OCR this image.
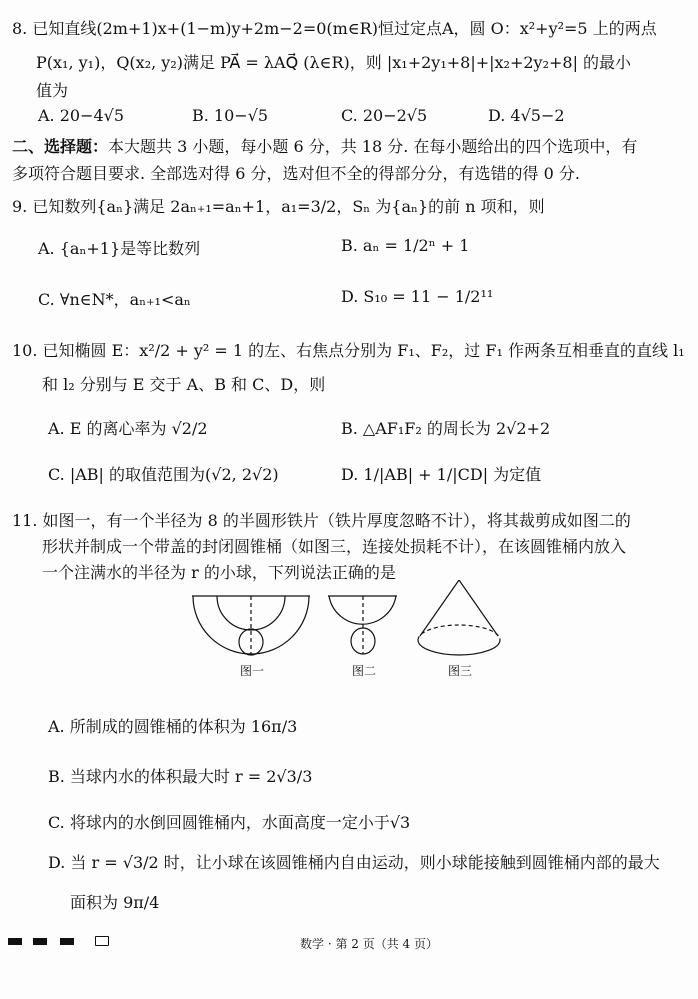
8. 已知直线(2m+1)x+(1−m)y+2m−2=0(m∈R)恒过定点A，圆 O：x²+y²=5 上的两点
P(x₁, y₁)，Q(x₂, y₂)满足 PA⃗ = λAQ⃗ (λ∈R)，则 |x₁+2y₁+8|+|x₂+2y₂+8| 的最小
值为
A. 20−4√5	B. 10−√5	C. 20−2√5	D. 4√5−2
二、选择题：本大题共 3 小题，每小题 6 分，共 18 分. 在每小题给出的四个选项中，有
多项符合题目要求. 全部选对得 6 分，选对但不全的得部分分，有选错的得 0 分.
9. 已知数列{aₙ}满足 2aₙ₊₁=aₙ+1，a₁=3/2，Sₙ 为{aₙ}的前 n 项和，则
A. {aₙ+1}是等比数列	B. aₙ = 1/2ⁿ + 1
C. ∀n∈N*，aₙ₊₁<aₙ	D. S₁₀ = 11 − 1/2¹¹
10. 已知椭圆 E：x²/2 + y² = 1 的左、右焦点分别为 F₁、F₂，过 F₁ 作两条互相垂直的直线 l₁
和 l₂ 分别与 E 交于 A、B 和 C、D，则
A. E 的离心率为 √2/2	B. △AF₁F₂ 的周长为 2√2+2
C. |AB| 的取值范围为(√2, 2√2)	D. 1/|AB| + 1/|CD| 为定值
11. 如图一，有一个半径为 8 的半圆形铁片（铁片厚度忽略不计），将其裁剪成如图二的
形状并制成一个带盖的封闭圆锥桶（如图三，连接处损耗不计），在该圆锥桶内放入
一个注满水的半径为 r 的小球，下列说法正确的是
图一	图二	图三
A. 所制成的圆锥桶的体积为 16π/3
B. 当球内水的体积最大时 r = 2√3/3
C. 将球内的水倒回圆锥桶内，水面高度一定小于√3
D. 当 r = √3/2 时，让小球在该圆锥桶内自由运动，则小球能接触到圆锥桶内部的最大
面积为 9π/4
数学 · 第 2 页（共 4 页）
